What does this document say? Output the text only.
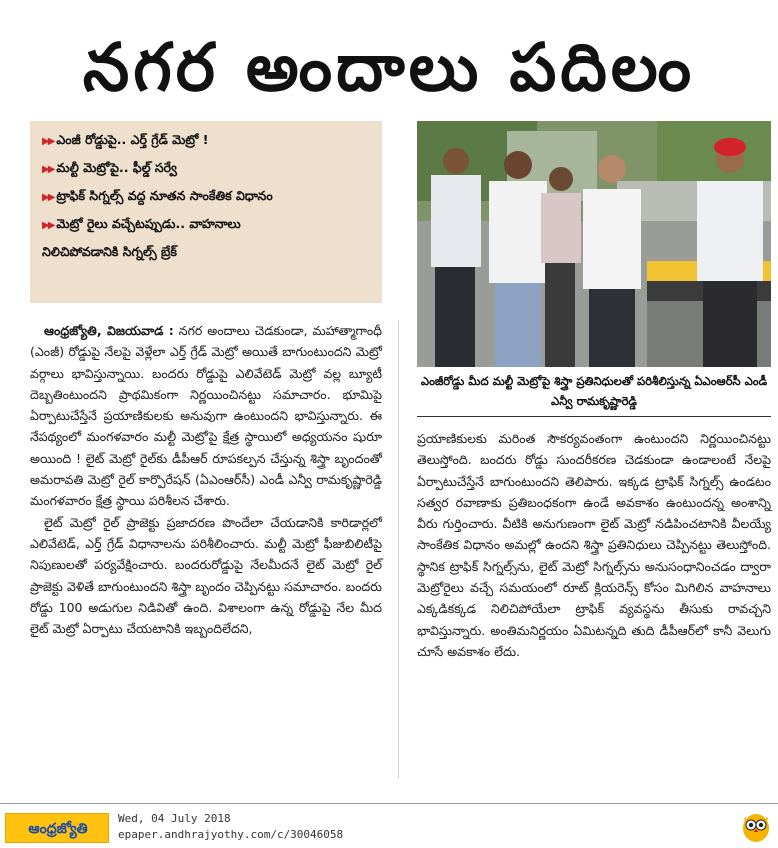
నగర అందాలు పదిలం
▶▶ ఎంజీ రోడ్డుపై.. ఎర్త్ గ్రేడ్ మెట్రో !
▶▶ మల్టీ మెట్రోపై.. ఫీల్డ్ సర్వే
▶▶ ట్రాఫిక్ సిగ్నల్స్ వద్ద నూతన సాంకేతిక విధానం
▶▶ మెట్రో రైలు వచ్చేటప్పుడు.. వాహనాలు
నిలిచిపోవడానికి సిగ్నల్స్ బ్రేక్
ఎంజీరోడ్డు మీద మల్టీ మెట్రోపై శిస్త్రా ప్రతినిధులతో పరిశీలిస్తున్న ఏఎంఆర్‌సీ ఎండీ ఎన్వీ రామకృష్ణారెడ్డి

ఆంధ్రజ్యోతి, విజయవాడ : నగర అందాలు చెడకుండా, మహాత్మాగాంధీ (ఎంజీ) రోడ్డుపై నేలపై వెళ్లేలా ఎర్త్ గ్రేడ్ మెట్రో అయితే బాగుంటుందని మెట్రో వర్గాలు భావిస్తున్నాయి. బందరు రోడ్డుపై ఎలివేటెడ్ మెట్రో వల్ల బ్యూటీ దెబ్బతింటుందని ప్రాథమికంగా నిర్ణయించినట్టు సమాచారం. భూమిపై ఏర్పాటుచేస్తేనే ప్రయాణికులకు అనువుగా ఉంటుందని భావిస్తున్నారు. ఈ నేపథ్యంలో మంగళవారం మల్టీ మెట్రోపై క్షేత్ర స్థాయిలో అధ్యయనం షురూ అయింది ! లైట్ మెట్రో రైల్‌కు డీపీఆర్ రూపకల్పన చేస్తున్న శిస్త్రా బృందంతో అమరావతి మెట్రో రైల్ కార్పొరేషన్ (ఏఎంఆర్‌సీ) ఎండీ ఎన్వీ రామకృష్ణారెడ్డి మంగళవారం క్షేత్ర స్థాయి పరిశీలన చేశారు.

లైట్ మెట్రో రైల్ ప్రాజెక్టు ప్రజాదరణ పొందేలా చేయడానికి కారిడార్లలో ఎలివేటెడ్, ఎర్త్ గ్రేడ్ విధానాలను పరిశీలించారు. మల్టీ మెట్రో ఫీజుబిలిటీపై నిపుణులతో పర్యవేక్షించారు. బందరురోడ్డుపై నేలమీదనే లైట్ మెట్రో రైల్ ప్రాజెక్టు వెళితే బాగుంటుందని శిస్త్రా బృందం చెప్పినట్టు సమాచారం. బందరు రోడ్డు 100 అడుగుల నిడివితో ఉంది. విశాలంగా ఉన్న రోడ్డుపై నేల మీద లైట్ మెట్రో ఏర్పాటు చేయటానికి ఇబ్బందిలేదని,

ప్రయాణికులకు మరింత సౌకర్యవంతంగా ఉంటుందని నిర్ణయించినట్టు తెలుస్తోంది. బందరు రోడ్డు సుందరీకరణ చెడకుండా ఉండాలంటే నేలపై ఏర్పాటుచేస్తేనే బాగుంటుందని తెలిపారు. ఇక్కడ ట్రాఫిక్ సిగ్నల్స్ ఉండటం సత్వర రవాణాకు ప్రతిబంధకంగా ఉండే అవకాశం ఉంటుందన్న అంశాన్ని వీరు గుర్తించారు. వీటికి అనుగుణంగా లైట్ మెట్రో నడిపించటానికి వీలయ్యే సాంకేతిక విధానం అమల్లో ఉందని శిస్త్రా ప్రతినిధులు చెప్పినట్టు తెలుస్తోంది. స్థానిక ట్రాఫిక్ సిగ్నల్స్‌ను, లైట్ మెట్రో సిగ్నల్స్‌ను అనుసంధానించడం ద్వారా మెట్రోరైలు వచ్చే సమయంలో రూట్ క్లియరెన్స్ కోసం మిగిలిన వాహనాలు ఎక్కడికక్కడ నిలిచిపోయేలా ట్రాఫిక్ వ్యవస్థను తీసుకు రావచ్చని భావిస్తున్నారు. అంతిమనిర్ణయం ఏమిటన్నది తుది డీపీఆర్‌లో కానీ వెలుగు చూసే అవకాశం లేదు.

ఆంధ్రజ్యోతి
Wed, 04 July 2018
epaper.andhrajyothy.com/c/30046058
